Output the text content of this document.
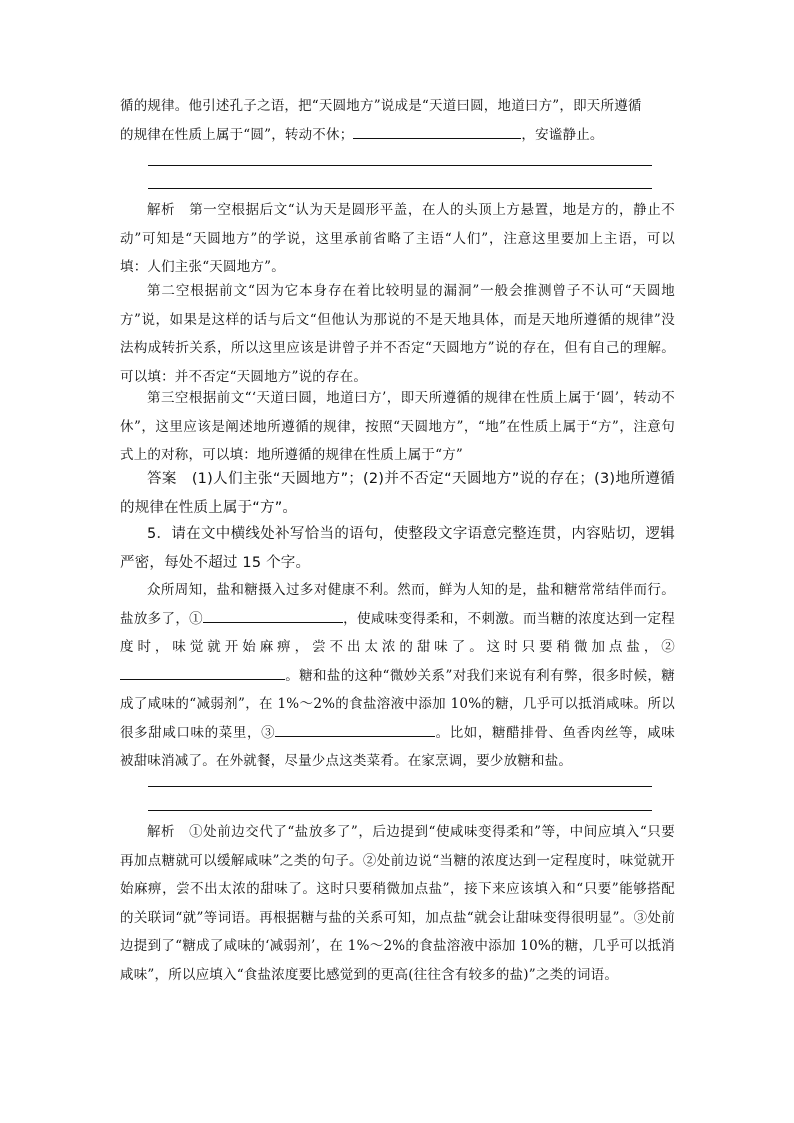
循的规律。他引述孔子之语，把“天圆地方”说成是“天道曰圆，地道曰方”，即天所遵循
的规律在性质上属于“圆”，转动不休；	，安谧静止。
解析　 第一空根据后文“认为天是圆形平盖，在人的头顶上方悬置，地是方的，静止不动”可知是“天圆地方”的学说，这里承前省略了主语“人们”，注意这里要加上主语，可以填：人们主张“天圆地方”。
第二空根据前文“因为它本身存在着比较明显的漏洞”一般会推测曾子不认可“天圆地方”说，如果是这样的话与后文“但他认为那说的不是天地具体，而是天地所遵循的规律”没法构成转折关系，所以这里应该是讲曾子并不否定“天圆地方”说的存在，但有自己的理解。可以填：并不否定“天圆地方”说的存在。
第三空根据前文“‘天道曰圆，地道曰方’，即天所遵循的规律在性质上属于‘圆’，转动不休”，这里应该是阐述地所遵循的规律，按照“天圆地方”，“地”在性质上属于“方”，注意句式上的对称，可以填：地所遵循的规律在性质上属于“方”
答案　 (1)人们主张“天圆地方”；(2)并不否定“天圆地方”说的存在；(3)地所遵循的规律在性质上属于“方”。
5．请在文中横线处补写恰当的语句，使整段文字语意完整连贯，内容贴切，逻辑严密，每处不超过 15 个字。
众所周知，盐和糖摄入过多对健康不利。然而，鲜为人知的是，盐和糖常常结伴而行。盐放多了，①	，使咸味变得柔和，不刺激。而当糖的浓度达到一定程度时，味觉就开始麻痹，尝不出太浓的甜味了。这时只要稍微加点盐，②。糖和盐的这种“微妙关系”对我们来说有利有弊，很多时候，糖成了咸味的“减弱剂”，在 1%～2%的食盐溶液中添加 10%的糖，几乎可以抵消咸味。所以很多甜咸口味的菜里，③	。比如，糖醋排骨、鱼香肉丝等，咸味被甜味消减了。在外就餐，尽量少点这类菜肴。在家烹调，要少放糖和盐。
解析　 ①处前边交代了“盐放多了”，后边提到“使咸味变得柔和”等，中间应填入“只要再加点糖就可以缓解咸味”之类的句子。②处前边说“当糖的浓度达到一定程度时，味觉就开始麻痹，尝不出太浓的甜味了。这时只要稍微加点盐”，接下来应该填入和“只要”能够搭配的关联词“就”等词语。再根据糖与盐的关系可知，加点盐“就会让甜味变得很明显”。③处前边提到了“糖成了咸味的‘减弱剂’，在 1%～2%的食盐溶液中添加 10%的糖，几乎可以抵消咸味”，所以应填入“食盐浓度要比感觉到的更高(往往含有较多的盐)”之类的词语。
